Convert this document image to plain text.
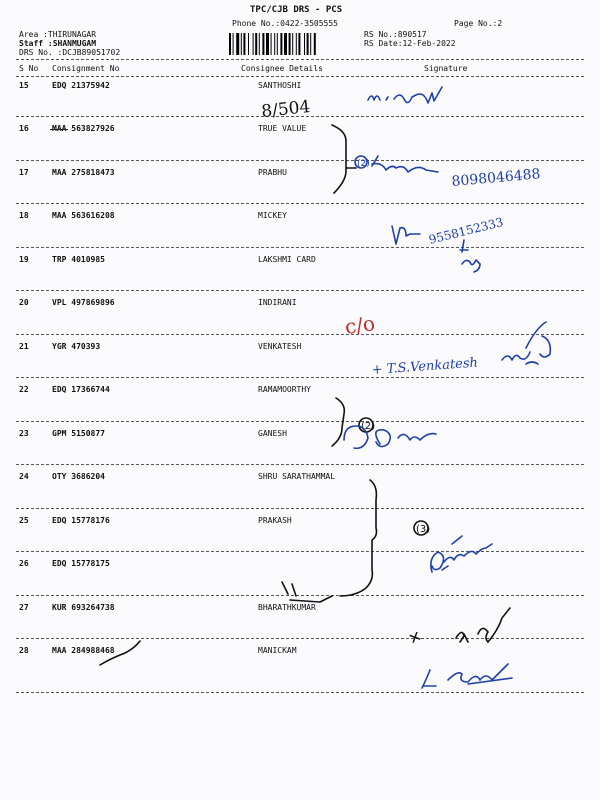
TPC/CJB DRS - PCS
Phone No.:0422-3505555	Page No.:2
Area :THIRUNAGAR
Staff :SHANMUGAM
DRS No. :DCJB89051702
RS No.:890517
RS Date:12-Feb-2022
S No Consignment No	Consignee Details	Signature
15	EDQ 21375942	SANTHOSHI
16	MAA 563827926	TRUE VALUE
17	MAA 275818473	PRABHU
18	MAA 563616208	MICKEY
19	TRP 4010985	LAKSHMI CARD
20	VPL 497869896	INDIRANI
21	YGR 470393	VENKATESH
22	EDQ 17366744	RAMAMOORTHY
23	GPM 5150877	GANESH
24	OTY 3686204	SHRU SARATHAMMAL
25	EDQ 15778176	PRAKASH
26	EDQ 15778175
27	KUR 693264738	BHARATHKUMAR
28	MAA 284988468	MANICKAM
8/504
(2)
8098046488
9558152333
c/o
+ T.S.Venkatesh
(2)
(3)
+
